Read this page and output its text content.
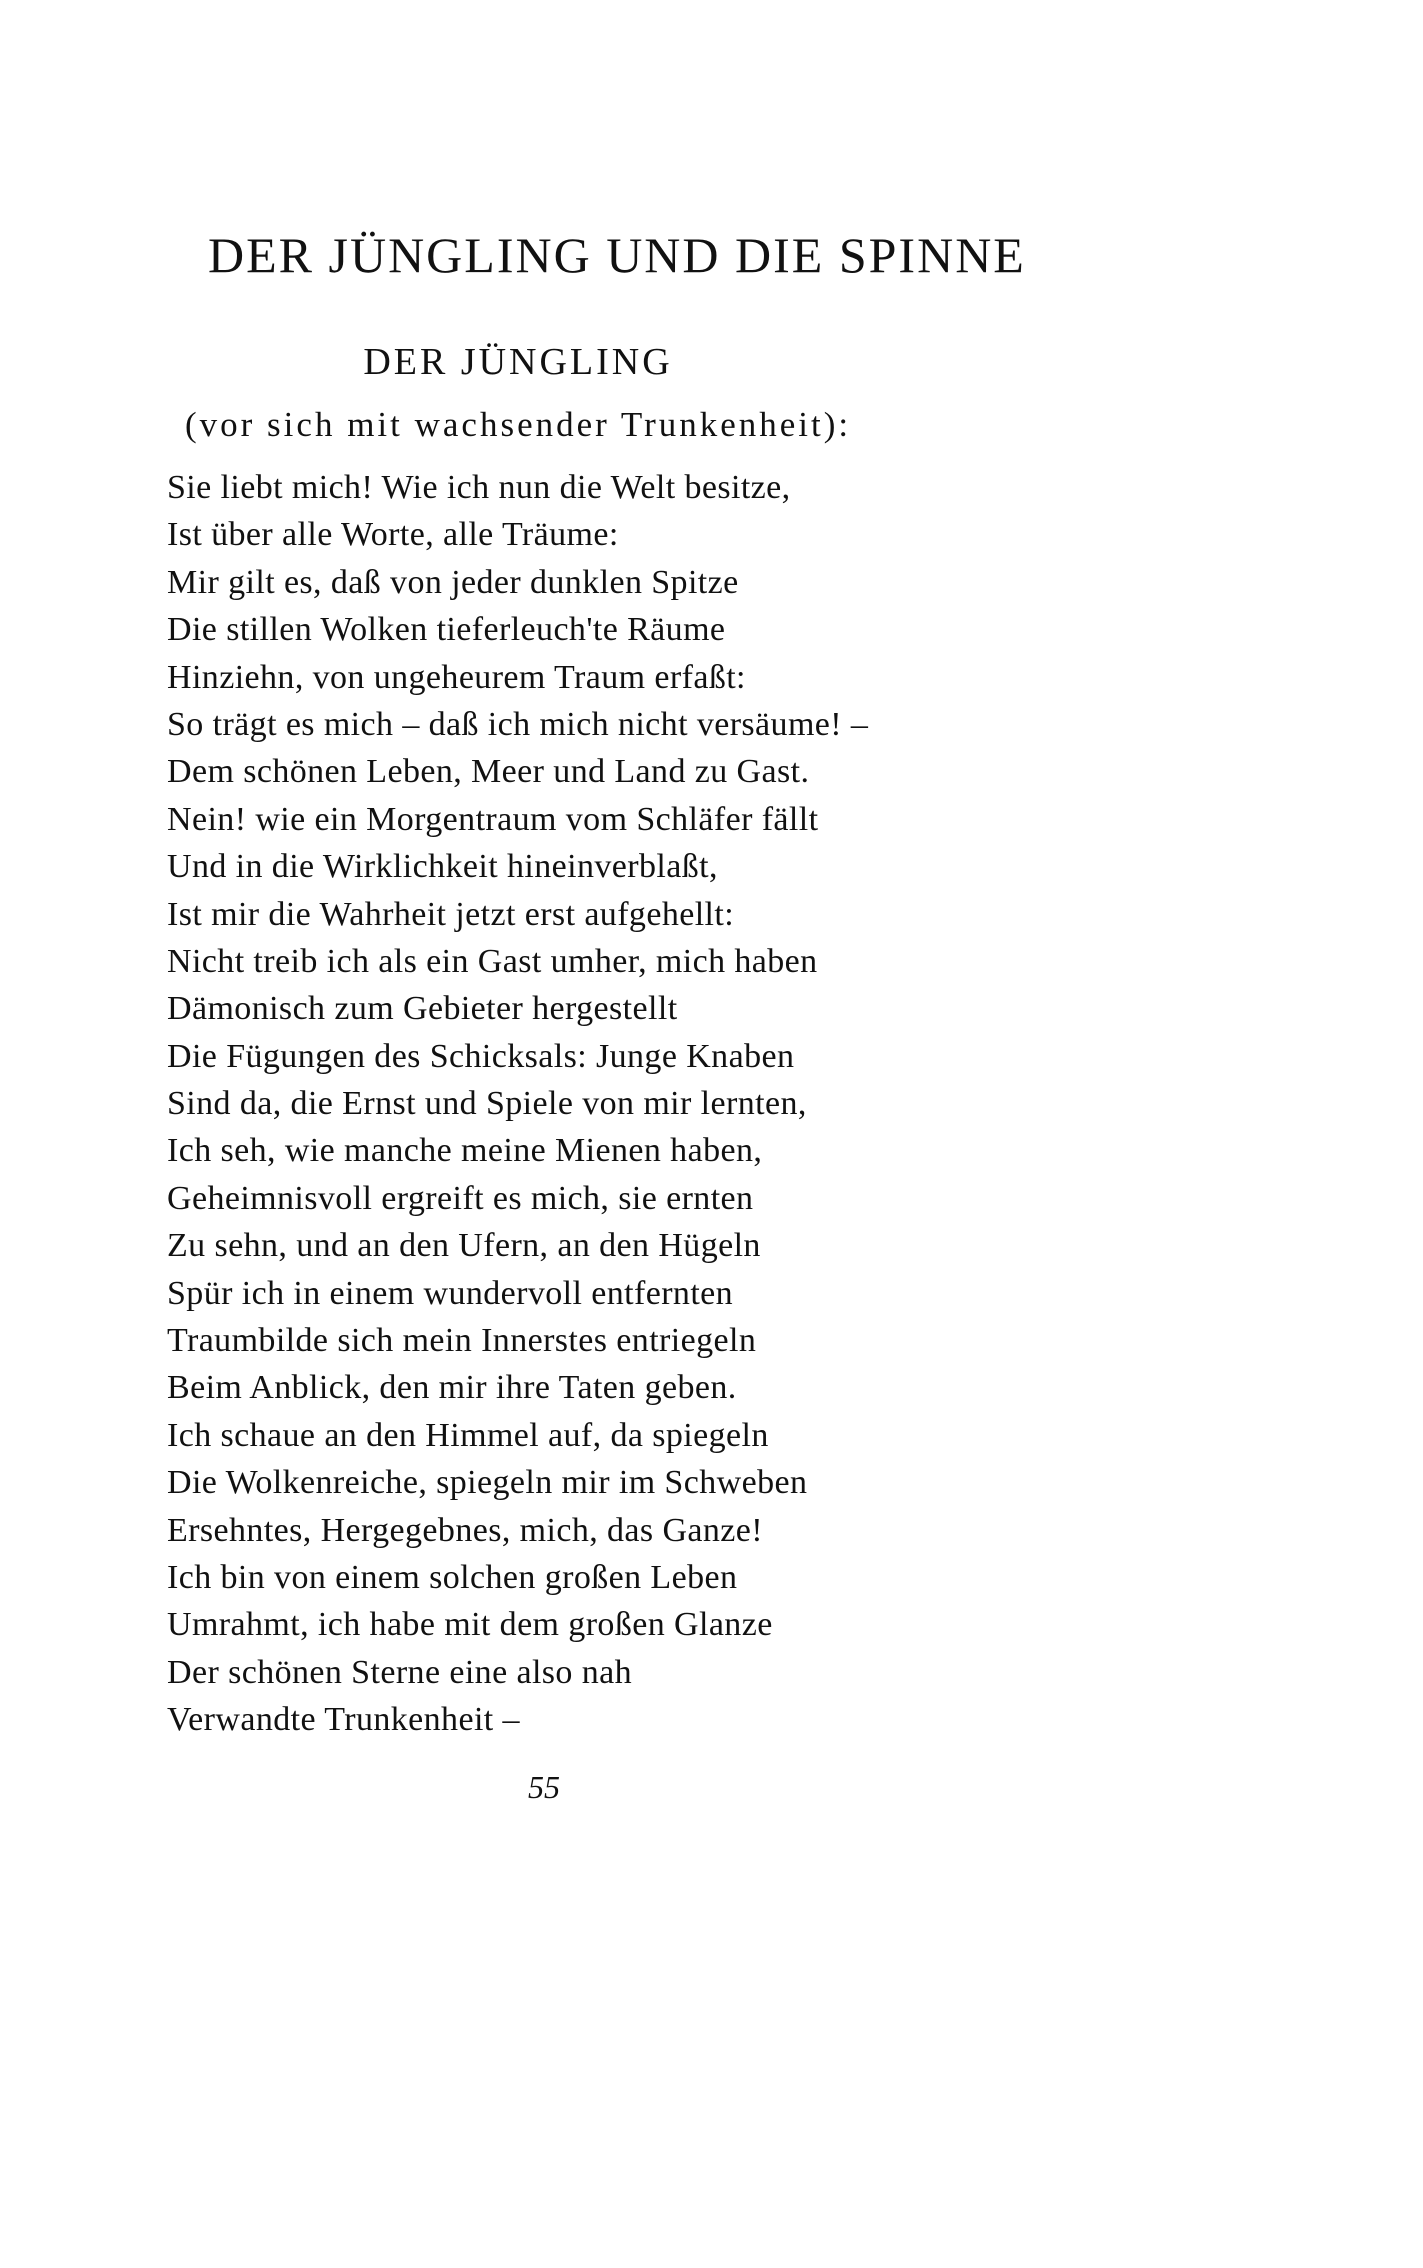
DER JÜNGLING UND DIE SPINNE
DER JÜNGLING
(vor sich mit wachsender Trunkenheit):
Sie liebt mich! Wie ich nun die Welt besitze,
Ist über alle Worte, alle Träume:
Mir gilt es, daß von jeder dunklen Spitze
Die stillen Wolken tieferleuch'te Räume
Hinziehn, von ungeheurem Traum erfaßt:
So trägt es mich – daß ich mich nicht versäume! –
Dem schönen Leben, Meer und Land zu Gast.
Nein! wie ein Morgentraum vom Schläfer fällt
Und in die Wirklichkeit hineinverblaßt,
Ist mir die Wahrheit jetzt erst aufgehellt:
Nicht treib ich als ein Gast umher, mich haben
Dämonisch zum Gebieter hergestellt
Die Fügungen des Schicksals: Junge Knaben
Sind da, die Ernst und Spiele von mir lernten,
Ich seh, wie manche meine Mienen haben,
Geheimnisvoll ergreift es mich, sie ernten
Zu sehn, und an den Ufern, an den Hügeln
Spür ich in einem wundervoll entfernten
Traumbilde sich mein Innerstes entriegeln
Beim Anblick, den mir ihre Taten geben.
Ich schaue an den Himmel auf, da spiegeln
Die Wolkenreiche, spiegeln mir im Schweben
Ersehntes, Hergegebnes, mich, das Ganze!
Ich bin von einem solchen großen Leben
Umrahmt, ich habe mit dem großen Glanze
Der schönen Sterne eine also nah
Verwandte Trunkenheit –
55
